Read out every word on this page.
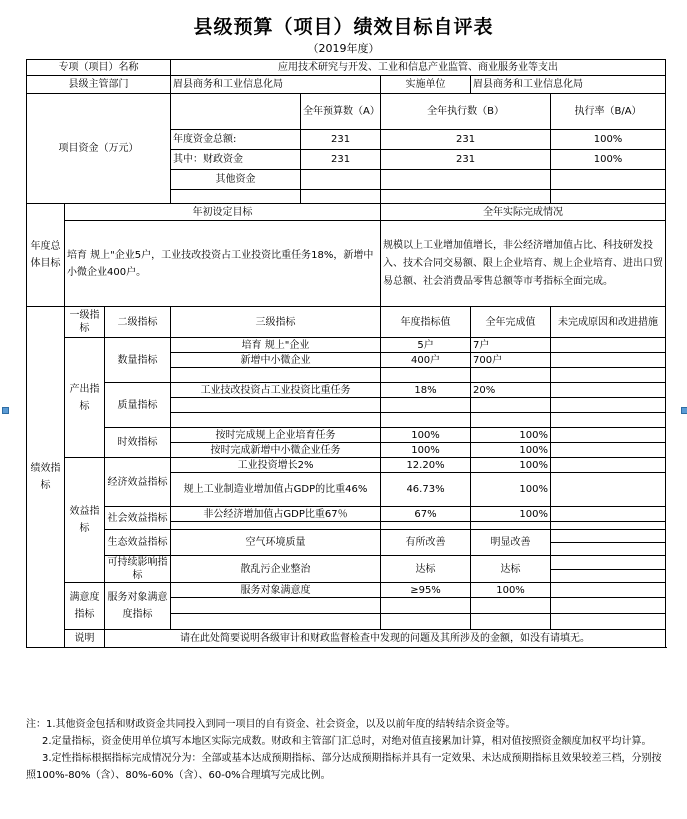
县级预算（项目）绩效目标自评表
（2019年度）
专项（项目）名称			应用技术研究与开发、工业和信息产业监管、商业服务业等支出				
县级主管部门			眉县商务和工业信息化局		实施单位	眉县商务和工业信息化局	
项目资金（万元）				全年预算数（A）	全年执行数（B）		执行率（B/A）
			年度资金总额:	231	231		100%
			其中：财政资金	231	231		100%
			其他资金				

年度总体目标	年初设定目标				全年实际完成情况		
	培育 规上"企业5户，工业技改投资占工业投资比重任务18%，新增中小微企业400户。				规模以上工业增加值增长，非公经济增加值占比、科技研发投入、技术合同交易额、限上企业培育、规上企业培育、进出口贸易总额、社会消费品零售总额等市考指标全面完成。		
绩效指标	一级指标	二级指标	三级指标		年度指标值	全年完成值	未完成原因和改进措施
	产出指标	数量指标	培育 规上"企业		5户	7户	
			新增中小微企业		400户	700户	

		质量指标	工业技改投资占工业投资比重任务		18%	20%	

		时效指标	按时完成规上企业培育任务		100%	100%	
			按时完成新增中小微企业任务		100%	100%	
	效益指标	经济效益指标	工业投资增长2%		12.20%	100%	
			规上工业制造业增加值占GDP的比重46%		46.73%	100%	
		社会效益指标	非公经济增加值占GDP比重67％		67%	100%	

		生态效益指标	空气环境质量		有所改善	明显改善	

		可持续影响指标	散乱污企业整治		达标	达标	

	满意度指标	服务对象满意度指标	服务对象满意度		≥95%	100%	

	说明	请在此处简要说明各级审计和财政监督检查中发现的问题及其所涉及的金额，如没有请填无。					

注：1.其他资金包括和财政资金共同投入到同一项目的自有资金、社会资金，以及以前年度的结转结余资金等。

2.定量指标，资金使用单位填写本地区实际完成数。财政和主管部门汇总时，对绝对值直接累加计算，相对值按照资金额度加权平均计算。

3.定性指标根据指标完成情况分为：全部或基本达成预期指标、部分达成预期指标并具有一定效果、未达成预期指标且效果较差三档，分别按照100%-80%（含）、80%-60%（含）、60-0%合理填写完成比例。
